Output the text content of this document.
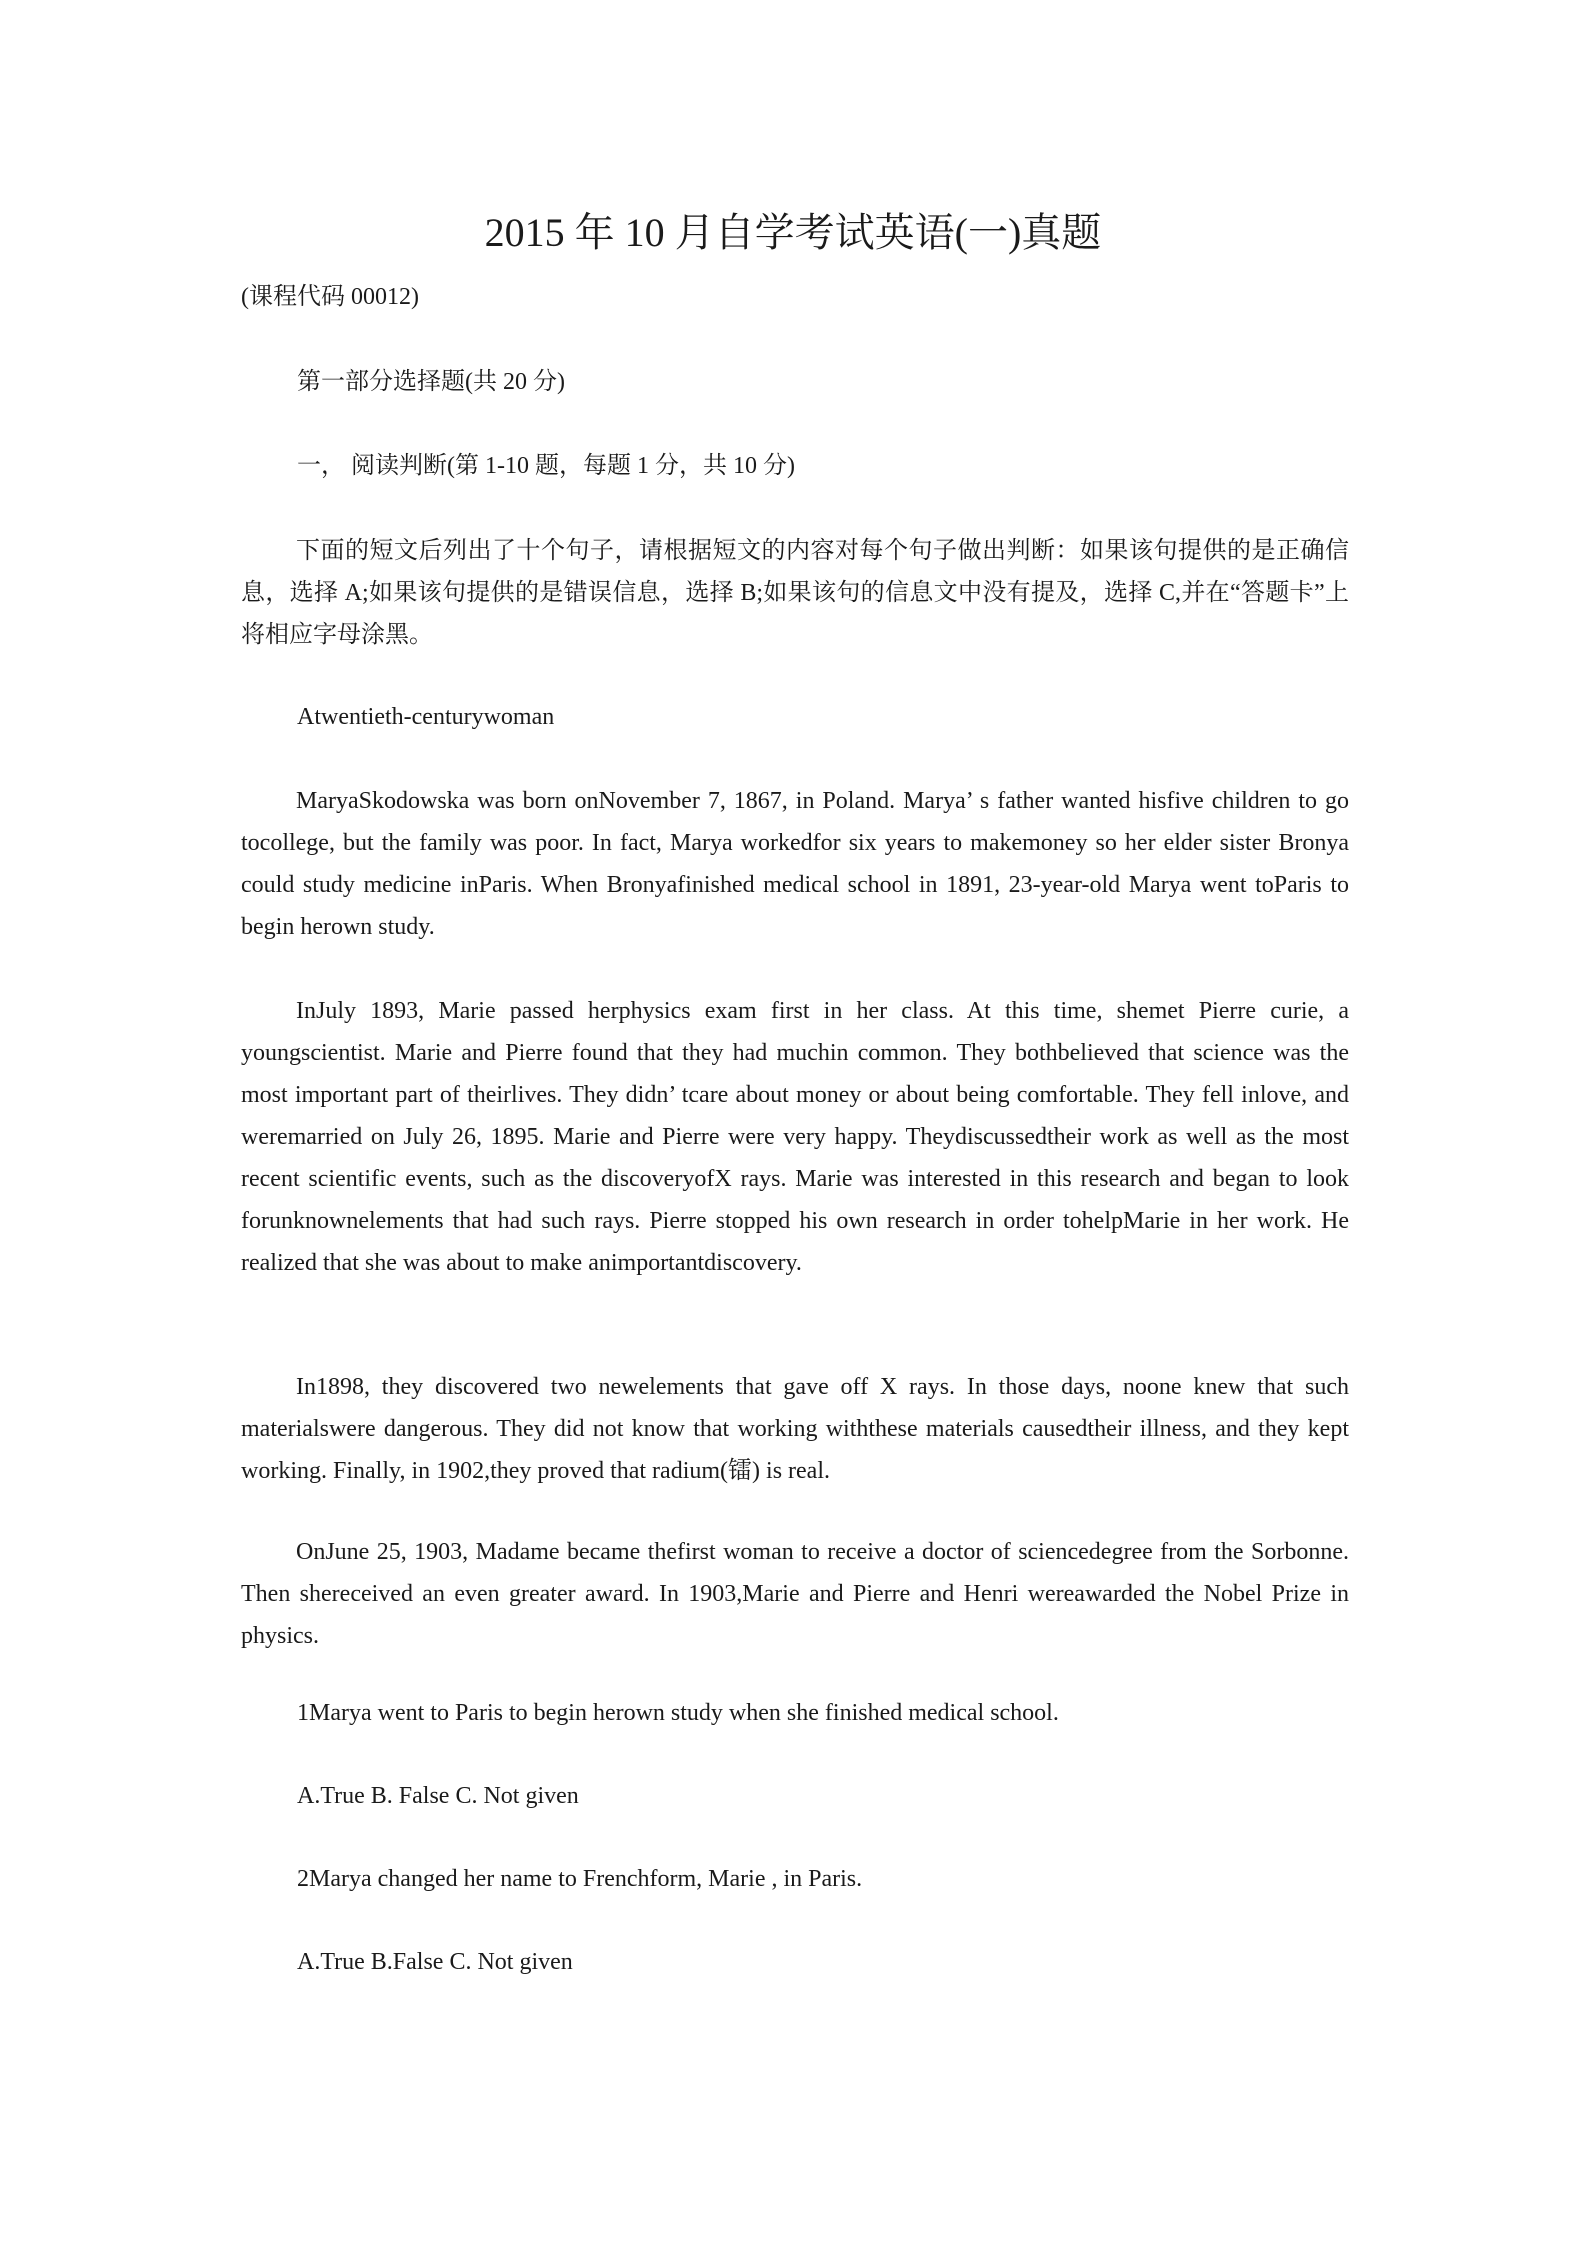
2015 年 10 月自学考试英语(一)真题

(课程代码 00012)

第一部分选择题(共 20 分)

一， 阅读判断(第 1-10 题，每题 1 分，共 10 分)

下面的短文后列出了十个句子，请根据短文的内容对每个句子做出判断：如果该句提供的是正确信息，选择 A;如果该句提供的是错误信息，选择 B;如果该句的信息文中没有提及，选择 C,并在“答题卡”上将相应字母涂黑。

Atwentieth-centurywoman

MaryaSkodowska was born onNovember 7, 1867, in Poland. Marya’ s father wanted hisfive children to go tocollege, but the family was poor. In fact, Marya workedfor six years to makemoney so her elder sister Bronya could study medicine inParis. When Bronyafinished medical school in 1891, 23-year-old Marya went toParis to begin herown study.

InJuly 1893, Marie passed herphysics exam first in her class. At this time, shemet Pierre curie, a youngscientist. Marie and Pierre found that they had muchin common. They bothbelieved that science was the most important part of theirlives. They didn’ tcare about money or about being comfortable. They fell inlove, and weremarried on July 26, 1895. Marie and Pierre were very happy. Theydiscussedtheir work as well as the most recent scientific events, such as the discoveryofX rays. Marie was interested in this research and began to look forunknownelements that had such rays. Pierre stopped his own research in order tohelpMarie in her work. He realized that she was about to make animportantdiscovery.

In1898, they discovered two newelements that gave off X rays. In those days, noone knew that such materialswere dangerous. They did not know that working withthese materials causedtheir illness, and they kept working. Finally, in 1902,they proved that radium(镭) is real.

OnJune 25, 1903, Madame became thefirst woman to receive a doctor of sciencedegree from the Sorbonne. Then shereceived an even greater award. In 1903,Marie and Pierre and Henri wereawarded the Nobel Prize in physics.

1Marya went to Paris to begin herown study when she finished medical school.

A.True B. False C. Not given

2Marya changed her name to Frenchform, Marie , in Paris.

A.True B.False C. Not given
